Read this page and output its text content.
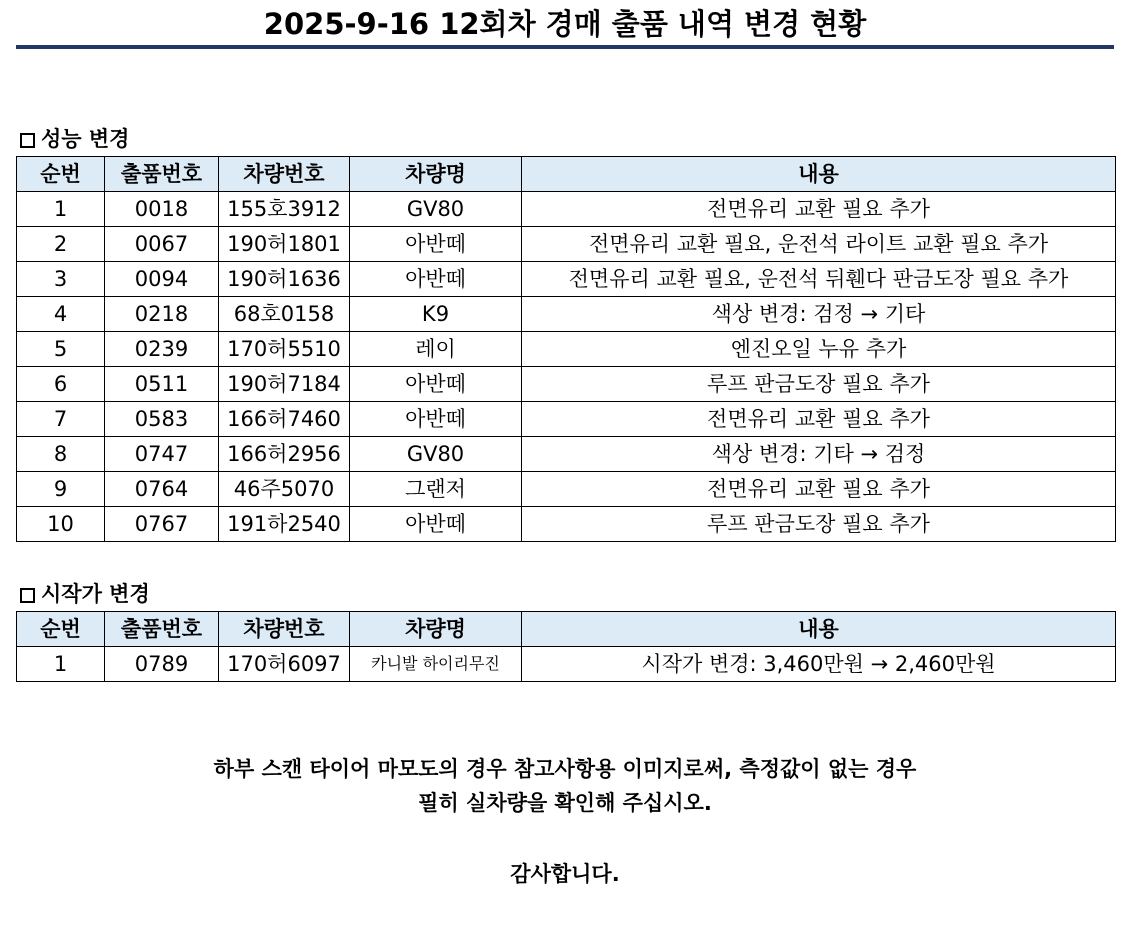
2025-9-16 12회차 경매 출품 내역 변경 현황
성능 변경
순번	출품번호	차량번호	차량명	내용
1	0018	155호3912	GV80	전면유리 교환 필요 추가
2	0067	190허1801	아반떼	전면유리 교환 필요, 운전석 라이트 교환 필요 추가
3	0094	190허1636	아반떼	전면유리 교환 필요, 운전석 뒤휀다 판금도장 필요 추가
4	0218	68호0158	K9	색상 변경: 검정 → 기타
5	0239	170허5510	레이	엔진오일 누유 추가
6	0511	190허7184	아반떼	루프 판금도장 필요 추가
7	0583	166허7460	아반떼	전면유리 교환 필요 추가
8	0747	166허2956	GV80	색상 변경: 기타 → 검정
9	0764	46주5070	그랜저	전면유리 교환 필요 추가
10	0767	191하2540	아반떼	루프 판금도장 필요 추가
시작가 변경
순번	출품번호	차량번호	차량명	내용
1	0789	170허6097	카니발 하이리무진	시작가 변경: 3,460만원 → 2,460만원
하부 스캔 타이어 마모도의 경우 참고사항용 이미지로써, 측정값이 없는 경우
필히 실차량을 확인해 주십시오.
감사합니다.
